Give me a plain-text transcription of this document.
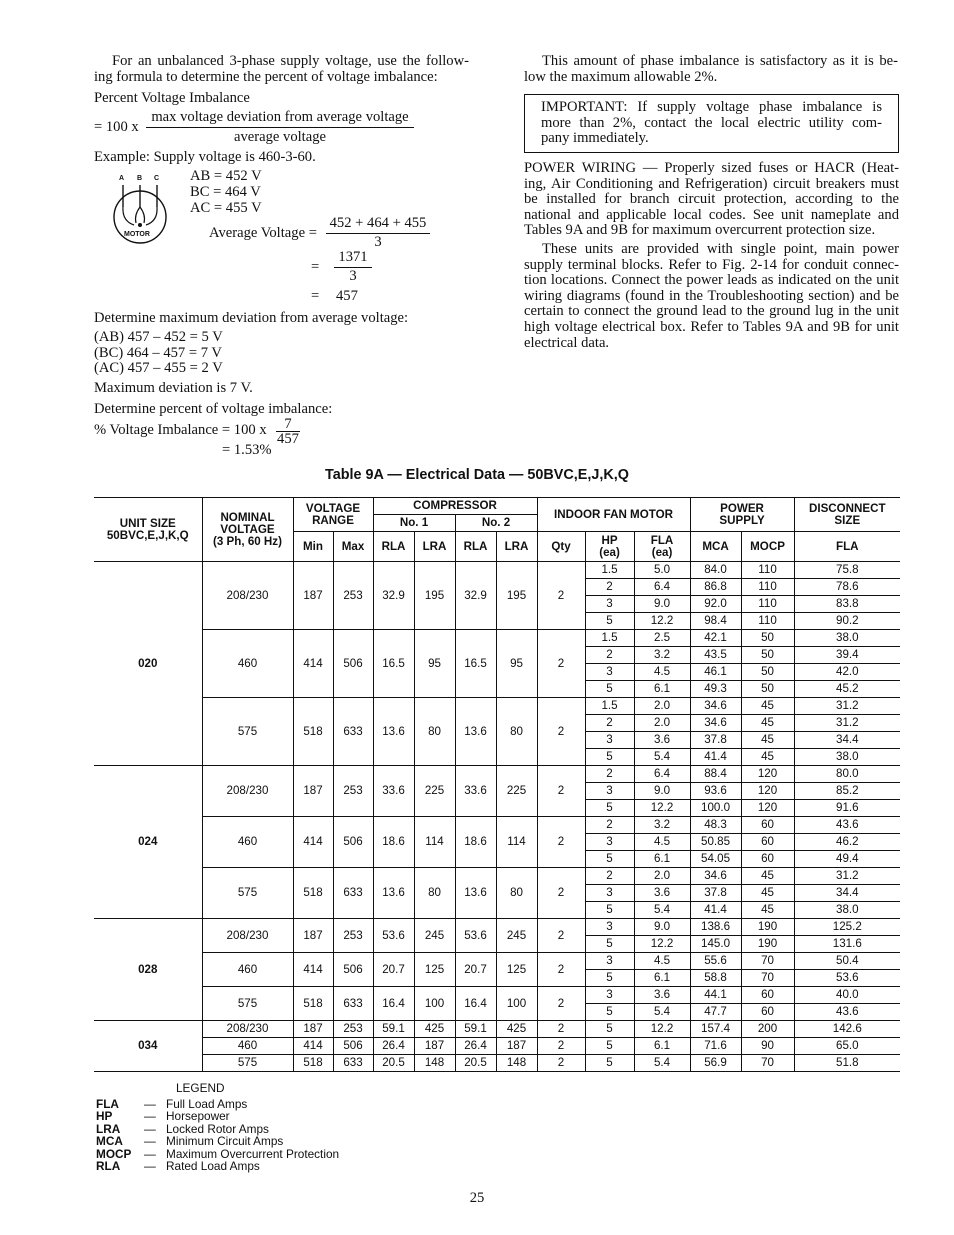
For an unbalanced 3-phase supply voltage, use the follow-

ing formula to determine the percent of voltage imbalance:

Percent Voltage Imbalance
= 100 x
max voltage deviation from average voltage
average voltage
Example: Supply voltage is 460-3-60.
A B C
MOTOR
AB = 452 V
BC = 464 V
AC = 455 V
Average Voltage =
452 + 464 + 455
3
=
1371
3
= 457
Determine maximum deviation from average voltage:
(AB) 457 – 452 = 5 V
(BC) 464 – 457 = 7 V
(AC) 457 – 455 = 2 V
Maximum deviation is 7 V.
Determine percent of voltage imbalance:
% Voltage Imbalance = 100 x	7
457
= 1.53%

This amount of phase imbalance is satisfactory as it is be-

low the maximum allowable 2%.

IMPORTANT: If supply voltage phase imbalance is

more than 2%, contact the local electric utility com-

pany immediately.

POWER WIRING — Properly sized fuses or HACR (Heat-

ing, Air Conditioning and Refrigeration) circuit breakers must

be installed for branch circuit protection, according to the

national and applicable local codes. See unit nameplate and

Tables 9A and 9B for maximum overcurrent protection size.

These units are provided with single point, main power

supply terminal blocks. Refer to Fig. 2-14 for conduit connec-

tion locations. Connect the power leads as indicated on the unit

wiring diagrams (found in the Troubleshooting section) and be

certain to connect the ground lead to the ground lug in the unit

high voltage electrical box. Refer to Tables 9A and 9B for unit

electrical data.

Table 9A — Electrical Data — 50BVC,E,J,K,Q
UNIT SIZE
50BVC,E,J,K,Q	NOMINAL
VOLTAGE
(3 Ph, 60 Hz)	VOLTAGE
RANGE		COMPRESSOR				INDOOR FAN MOTOR			POWER
SUPPLY		DISCONNECT
SIZE
				No. 1		No. 2							
		Min	Max	RLA	LRA	RLA	LRA	Qty	HP
(ea)	FLA
(ea)	MCA	MOCP	FLA
020	208/230	187	253	32.9	195	32.9	195	2	1.5	5.0	84.0	110	75.8
									2	6.4	86.8	110	78.6
									3	9.0	92.0	110	83.8
									5	12.2	98.4	110	90.2
	460	414	506	16.5	95	16.5	95	2	1.5	2.5	42.1	50	38.0
									2	3.2	43.5	50	39.4
									3	4.5	46.1	50	42.0
									5	6.1	49.3	50	45.2
	575	518	633	13.6	80	13.6	80	2	1.5	2.0	34.6	45	31.2
									2	2.0	34.6	45	31.2
									3	3.6	37.8	45	34.4
									5	5.4	41.4	45	38.0
024	208/230	187	253	33.6	225	33.6	225	2	2	6.4	88.4	120	80.0
									3	9.0	93.6	120	85.2
									5	12.2	100.0	120	91.6
	460	414	506	18.6	114	18.6	114	2	2	3.2	48.3	60	43.6
									3	4.5	50.85	60	46.2
									5	6.1	54.05	60	49.4
	575	518	633	13.6	80	13.6	80	2	2	2.0	34.6	45	31.2
									3	3.6	37.8	45	34.4
									5	5.4	41.4	45	38.0
028	208/230	187	253	53.6	245	53.6	245	2	3	9.0	138.6	190	125.2
									5	12.2	145.0	190	131.6
	460	414	506	20.7	125	20.7	125	2	3	4.5	55.6	70	50.4
									5	6.1	58.8	70	53.6
	575	518	633	16.4	100	16.4	100	2	3	3.6	44.1	60	40.0
									5	5.4	47.7	60	43.6
034	208/230	187	253	59.1	425	59.1	425	2	5	12.2	157.4	200	142.6
	460	414	506	26.4	187	26.4	187	2	5	6.1	71.6	90	65.0
	575	518	633	20.5	148	20.5	148	2	5	5.4	56.9	70	51.8
LEGEND
FLA	— Full Load Amps
HP	— Horsepower
LRA	— Locked Rotor Amps
MCA	— Minimum Circuit Amps
MOCP	— Maximum Overcurrent Protection
RLA	— Rated Load Amps
25
